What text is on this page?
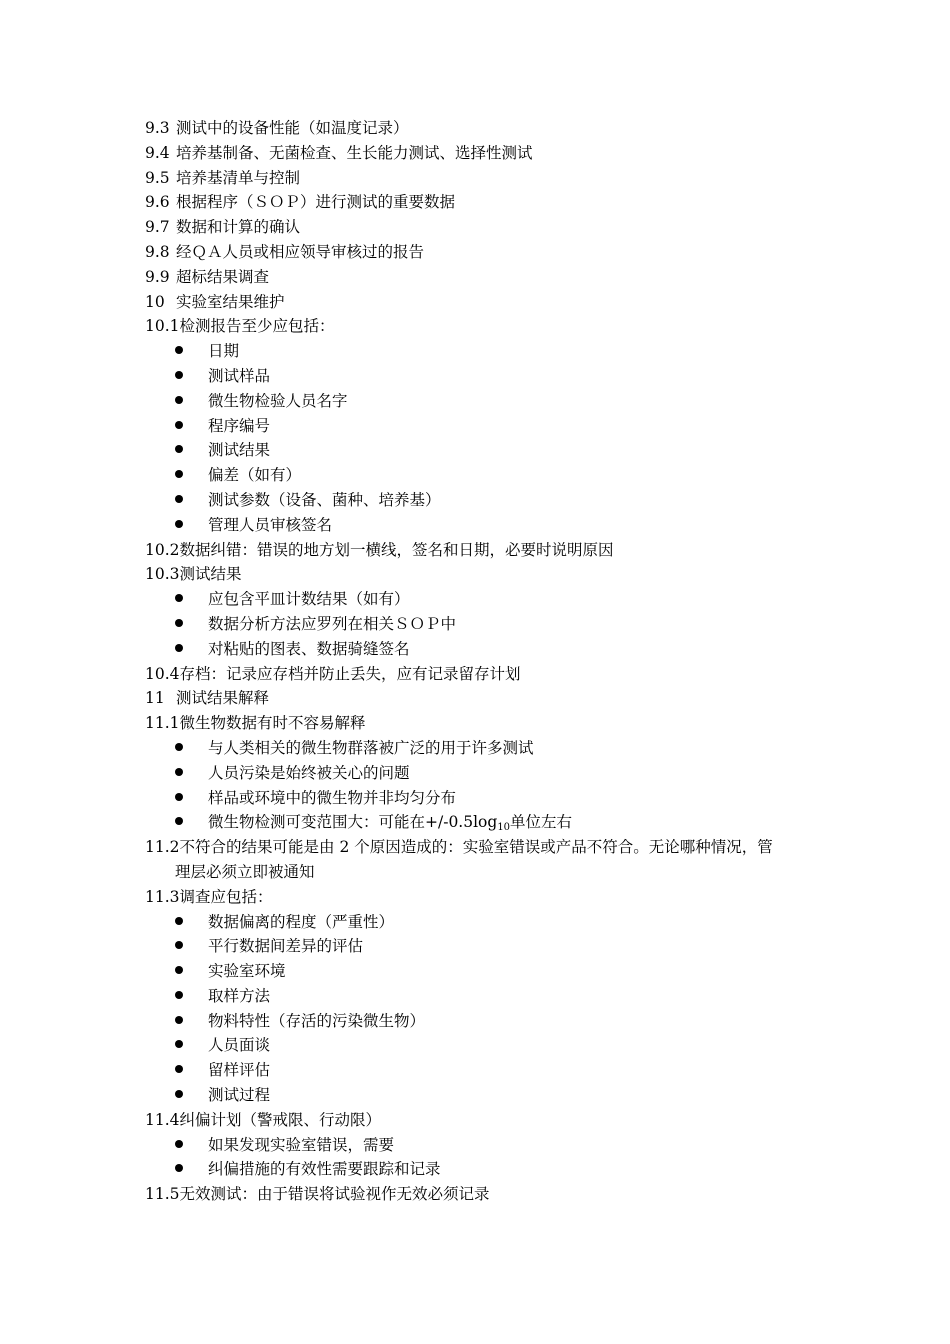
9.3 测试中的设备性能（如温度记录）
9.4 培养基制备、无菌检查、生长能力测试、选择性测试
9.5 培养基清单与控制
9.6 根据程序（ＳＯＰ）进行测试的重要数据
9.7 数据和计算的确认
9.8 经ＱＡ人员或相应领导审核过的报告
9.9 超标结果调查
10 实验室结果维护
10.1检测报告至少应包括：
日期
测试样品
微生物检验人员名字
程序编号
测试结果
偏差（如有）
测试参数（设备、菌种、培养基）
管理人员审核签名
10.2数据纠错：错误的地方划一横线，签名和日期，必要时说明原因
10.3测试结果
应包含平皿计数结果（如有）
数据分析方法应罗列在相关ＳＯＰ中
对粘贴的图表、数据骑缝签名
10.4存档：记录应存档并防止丢失，应有记录留存计划
11 测试结果解释
11.1微生物数据有时不容易解释
与人类相关的微生物群落被广泛的用于许多测试
人员污染是始终被关心的问题
样品或环境中的微生物并非均匀分布
微生物检测可变范围大：可能在$+/-0.5\log_{10}$单位左右
11.2不符合的结果可能是由 2 个原因造成的：实验室错误或产品不符合。无论哪种情况，管
理层必须立即被通知
11.3调查应包括：
数据偏离的程度（严重性）
平行数据间差异的评估
实验室环境
取样方法
物料特性（存活的污染微生物）
人员面谈
留样评估
测试过程
11.4纠偏计划（警戒限、行动限）
如果发现实验室错误，需要
纠偏措施的有效性需要跟踪和记录
11.5无效测试：由于错误将试验视作无效必须记录
